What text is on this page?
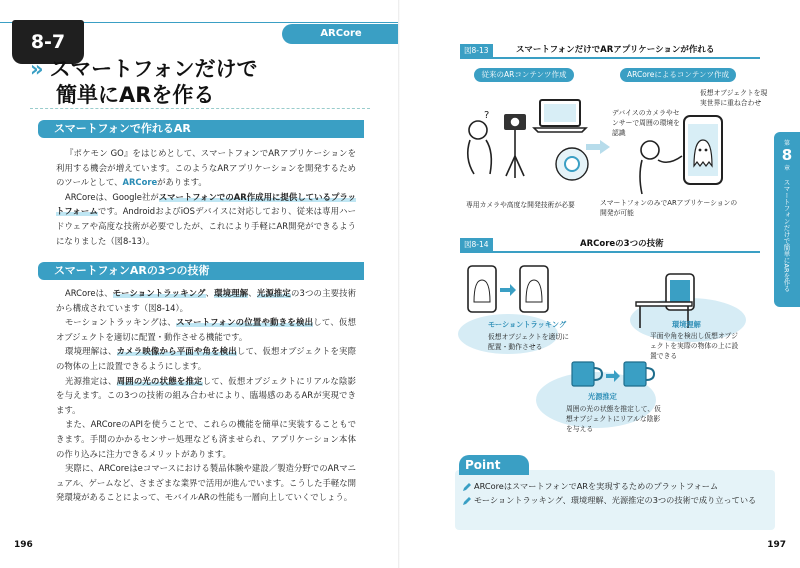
8-7	ARCore
» スマートフォンだけで
簡単にARを作る
スマートフォンで作れるAR

『ポケモン GO』をはじめとして、スマートフォンでARアプリケーションを利用する機会が増えています。このようなARアプリケーションを開発するためのツールとして、ARCoreがあります。

ARCoreは、Google社がスマートフォンでのAR作成用に提供しているプラットフォームです。AndroidおよびiOSデバイスに対応しており、従来は専用ハードウェアや高度な技術が必要でしたが、これにより手軽にAR開発ができるようになりました（図8-13）。

スマートフォンARの3つの技術

ARCoreは、モーショントラッキング、環境理解、光源推定の3つの主要技術から構成されています（図8-14）。

モーショントラッキングは、スマートフォンの位置や動きを検出して、仮想オブジェクトを適切に配置・動作させる機能です。

環境理解は、カメラ映像から平面や角を検出して、仮想オブジェクトを実際の物体の上に設置できるようにします。

光源推定は、周囲の光の状態を推定して、仮想オブジェクトにリアルな陰影を与えます。この3つの技術の組み合わせにより、臨場感のあるARが実現できます。

また、ARCoreのAPIを使うことで、これらの機能を簡単に実装することもできます。手間のかかるセンサー処理なども済ませられ、アプリケーション本体の作り込みに注力できるメリットがあります。

実際に、ARCoreはeコマースにおける製品体験や建設／製造分野でのARマニュアル、ゲームなど、さまざまな業界で活用が進んでいます。こうした手軽な開発環境があることによって、モバイルARの性能も一層向上していくでしょう。

196
図8-13	スマートフォンだけでARアプリケーションが作れる
従来のARコンテンツ作成	ARCoreによるコンテンツ作成
?
専用カメラや高度な開発技術が必要
仮想オブジェクトを現実世界に重ね合わせ
デバイスのカメラやセンサーで周囲の環境を認識
スマートフォンのみでARアプリケーションの開発が可能
図8-14	ARCoreの3つの技術
モーショントラッキング
仮想オブジェクトを適切に配置・動作させる
環境理解
平面や角を検出し仮想オブジェクトを実際の物体の上に設置できる
光源推定
周囲の光の状態を推定して、仮想オブジェクトにリアルな陰影を与える
第
8
章
スマートフォンだけで簡単にARを作る
197
Point
ARCoreはスマートフォンでARを実現するためのプラットフォーム
モーショントラッキング、環境理解、光源推定の3つの技術で成り立っている
